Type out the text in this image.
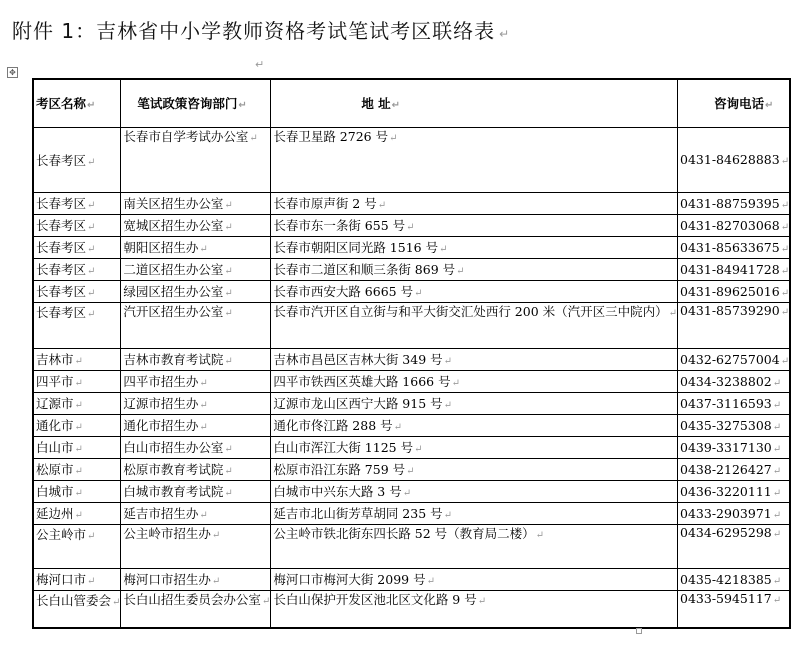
附件 1：吉林省中小学教师资格考试笔试考区联络表 ↵
↵
✥
考区名称 ↵	笔试政策咨询部门 ↵	地 址 ↵	咨询电话 ↵
长春考区 ↵	长春市自学考试办公室 ↵	长春卫星路 2726 号 ↵	0431-84628883 ↵
长春考区 ↵	南关区招生办公室 ↵	长春市原声街 2 号 ↵	0431-88759395 ↵
长春考区 ↵	宽城区招生办公室 ↵	长春市东一条街 655 号 ↵	0431-82703068 ↵
长春考区 ↵	朝阳区招生办 ↵	长春市朝阳区同光路 1516 号 ↵	0431-85633675 ↵
长春考区 ↵	二道区招生办公室 ↵	长春市二道区和顺三条街 869 号 ↵	0431-84941728 ↵
长春考区 ↵	绿园区招生办公室 ↵	长春市西安大路 6665 号 ↵	0431-89625016 ↵
长春考区 ↵	汽开区招生办公室 ↵	长春市汽开区自立街与和平大街交汇处西行 200 米（汽开区三中院内） ↵	0431-85739290 ↵
吉林市 ↵	吉林市教育考试院 ↵	吉林市昌邑区吉林大街 349 号 ↵	0432-62757004 ↵
四平市 ↵	四平市招生办 ↵	四平市铁西区英雄大路 1666 号 ↵	0434-3238802 ↵
辽源市 ↵	辽源市招生办 ↵	辽源市龙山区西宁大路 915 号 ↵	0437-3116593 ↵
通化市 ↵	通化市招生办 ↵	通化市佟江路 288 号 ↵	0435-3275308 ↵
白山市 ↵	白山市招生办公室 ↵	白山市浑江大街 1125 号 ↵	0439-3317130 ↵
松原市 ↵	松原市教育考试院 ↵	松原市沿江东路 759 号 ↵	0438-2126427 ↵
白城市 ↵	白城市教育考试院 ↵	白城市中兴东大路 3 号 ↵	0436-3220111 ↵
延边州 ↵	延吉市招生办 ↵	延吉市北山街芳草胡同 235 号 ↵	0433-2903971 ↵
公主岭市 ↵	公主岭市招生办 ↵	公主岭市铁北街东四长路 52 号（教育局二楼） ↵	0434-6295298 ↵
梅河口市 ↵	梅河口市招生办 ↵	梅河口市梅河大街 2099 号 ↵	0435-4218385 ↵
长白山管委会 ↵	长白山招生委员会办公室 ↵	长白山保护开发区池北区文化路 9 号 ↵	0433-5945117 ↵
